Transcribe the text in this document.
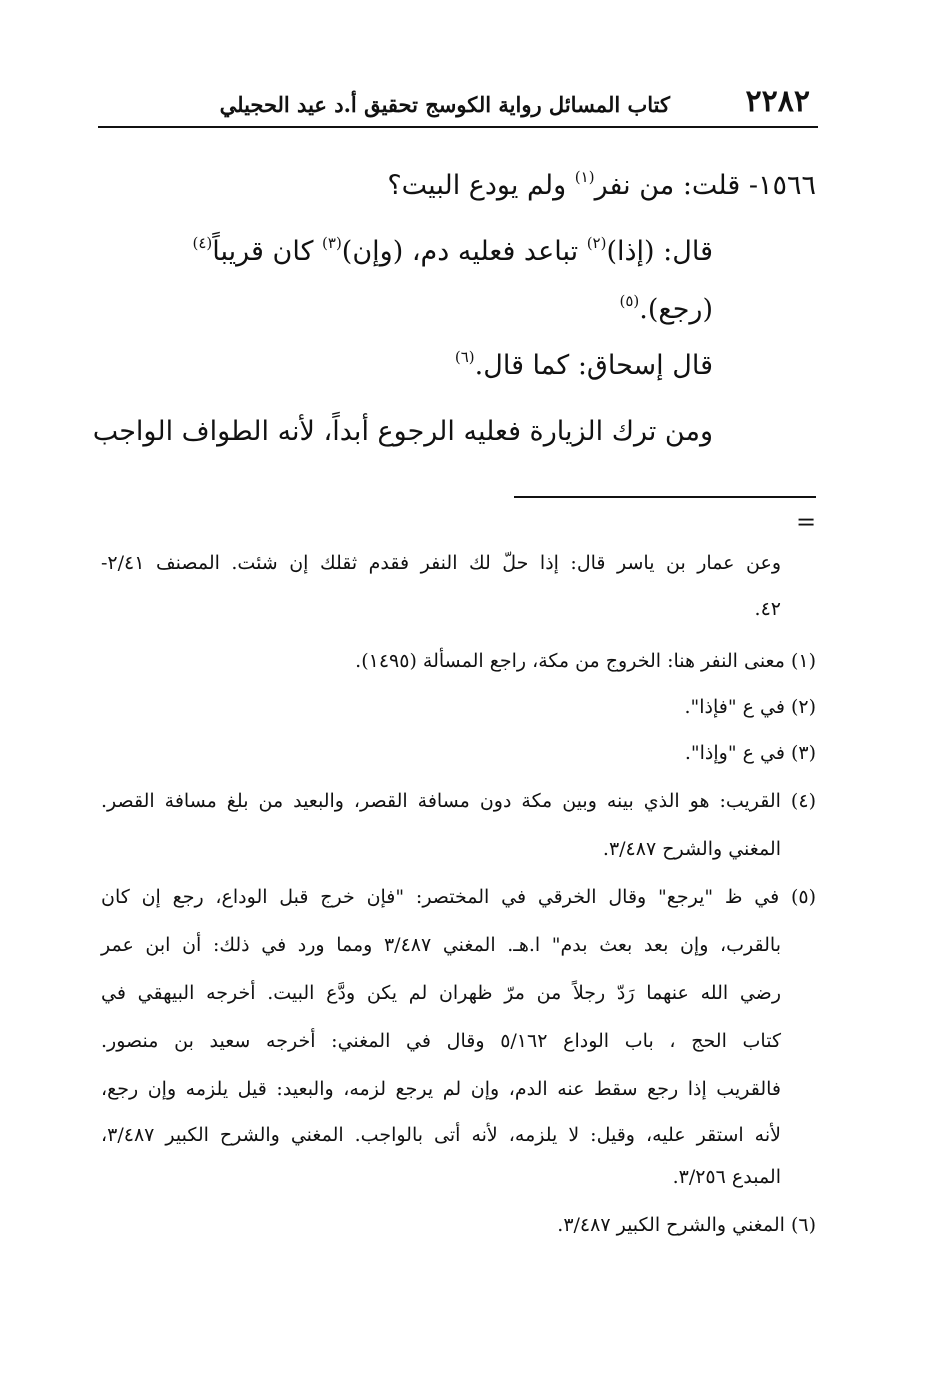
٢٢٨٢
كتاب المسائل رواية الكوسج تحقيق أ.د عيد الحجيلي
١٥٦٦- قلت: من نفر$^{(١)}$ ولم يودع البيت؟
قال: (إذا)$^{(٢)}$ تباعد فعليه دم، (وإن)$^{(٣)}$ كان قريباً$^{(٤)}$
(رجع).$^{(٥)}$
قال إسحاق: كما قال.$^{(٦)}$
ومن ترك الزيارة فعليه الرجوع أبداً، لأنه الطواف الواجب
=
وعن عمار بن ياسر قال: إذا حلّ لك النفر فقدم ثقلك إن شئت. المصنف ٢/٤١-
٤٢.
(١) معنى النفر هنا: الخروج من مكة، راجع المسألة (١٤٩٥).
(٢) في ع "فإذا".
(٣) في ع "وإذا".
(٤) القريب: هو الذي بينه وبين مكة دون مسافة القصر، والبعيد من بلغ مسافة القصر.
المغني والشرح ٣/٤٨٧.
(٥) في ظ "يرجع" وقال الخرقي في المختصر: "فإن خرج قبل الوداع، رجع إن كان
بالقرب، وإن بعد بعث بدم" ا.هـ. المغني ٣/٤٨٧ ومما ورد في ذلك: أن ابن عمر
رضي الله عنهما رَدّ رجلاً من مرّ ظهران لم يكن ودَّع البيت. أخرجه البيهقي في
كتاب الحج ، باب الوداع ٥/١٦٢ وقال في المغني: أخرجه سعيد بن منصور.
فالقريب إذا رجع سقط عنه الدم، وإن لم يرجع لزمه، والبعيد: قيل يلزمه وإن رجع،
لأنه استقر عليه، وقيل: لا يلزمه، لأنه أتى بالواجب. المغني والشرح الكبير ٣/٤٨٧،
المبدع ٣/٢٥٦.
(٦) المغني والشرح الكبير ٣/٤٨٧.
